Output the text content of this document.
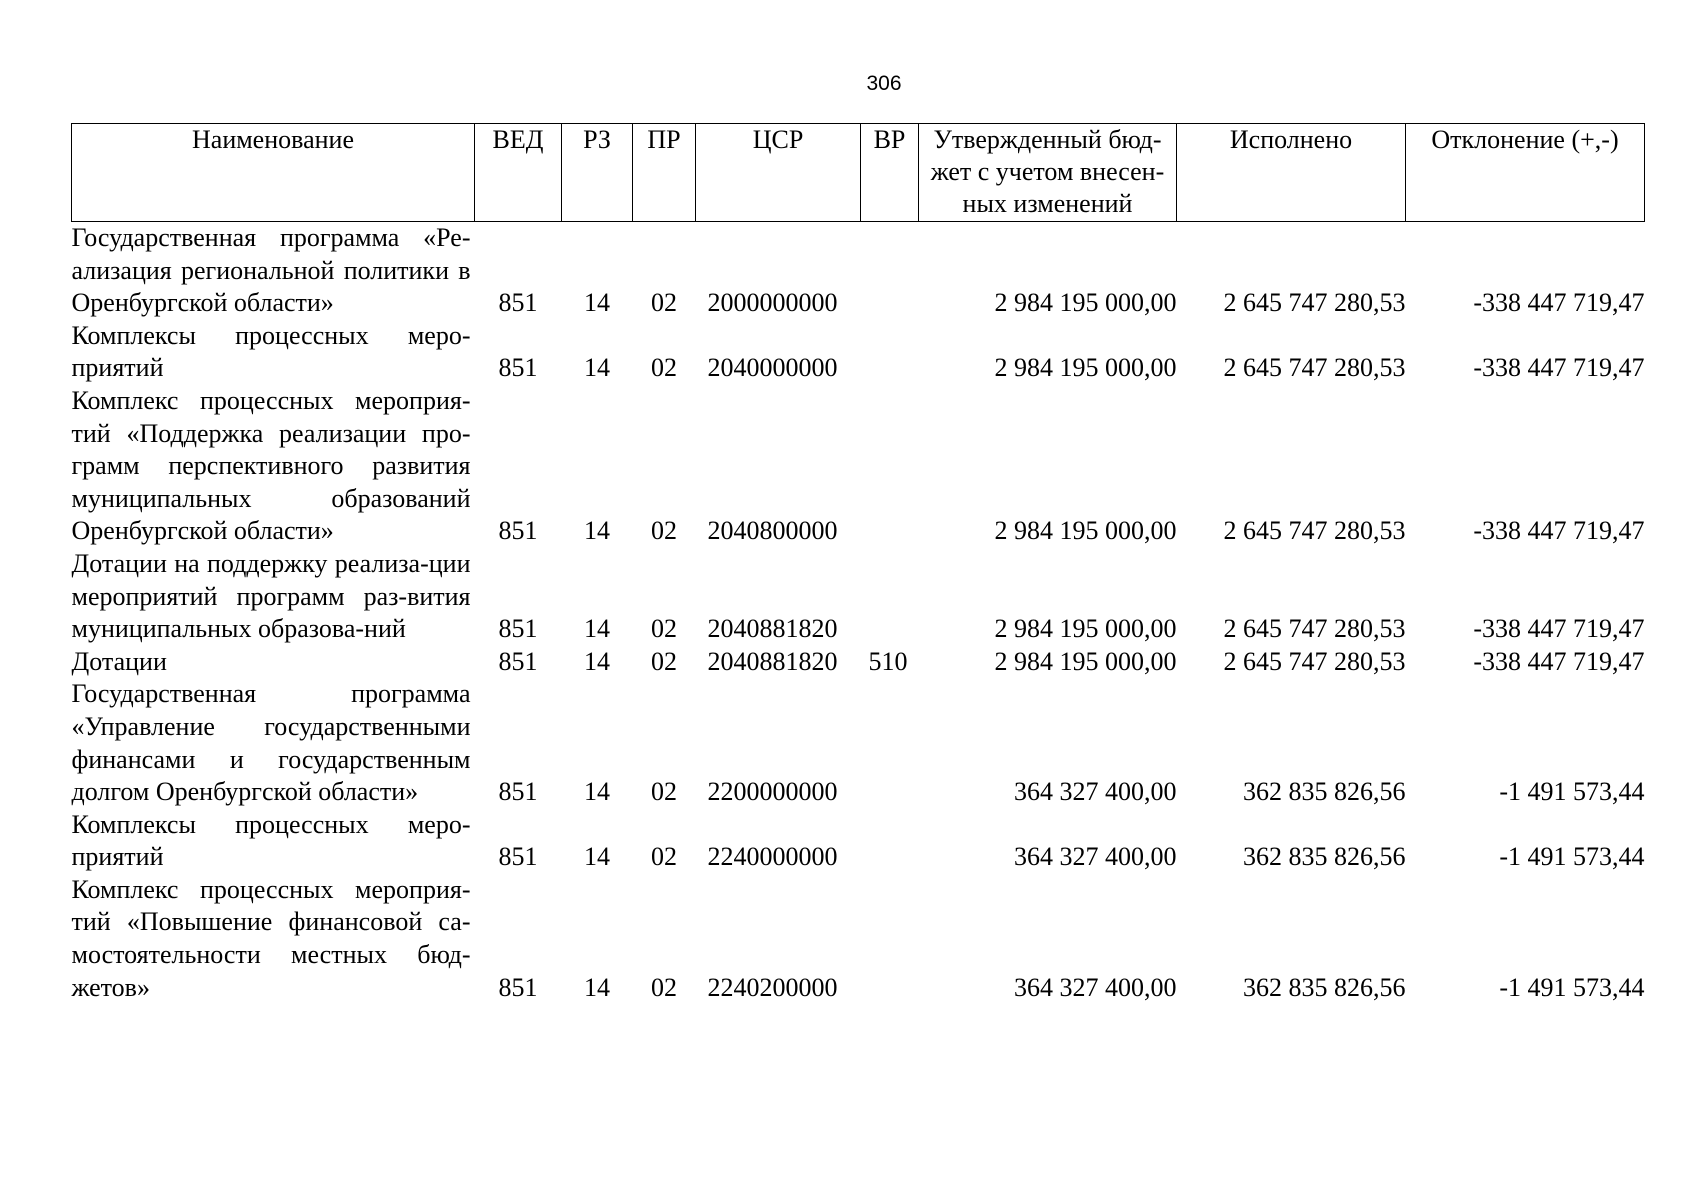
306
Наименование	ВЕД	РЗ	ПР	ЦСР	ВР	Утвержденный бюд-жет с учетом внесен-ных изменений	Исполнено	Отклонение (+,-)
Государственная программа «Ре-ализация региональной политики в Оренбургской области»	851	14	02	2000000000		2 984 195 000,00	2 645 747 280,53	-338 447 719,47
Комплексы процессных меро-приятий	851	14	02	2040000000		2 984 195 000,00	2 645 747 280,53	-338 447 719,47
Комплекс процессных мероприя-тий «Поддержка реализации про-грамм перспективного развития муниципальных образований Оренбургской области»	851	14	02	2040800000		2 984 195 000,00	2 645 747 280,53	-338 447 719,47
Дотации на поддержку реализа-ции мероприятий программ раз-вития муниципальных образова-ний	851	14	02	2040881820		2 984 195 000,00	2 645 747 280,53	-338 447 719,47
Дотации	851	14	02	2040881820	510	2 984 195 000,00	2 645 747 280,53	-338 447 719,47
Государственная программа «Управление государственными финансами и государственным долгом Оренбургской области»	851	14	02	2200000000		364 327 400,00	362 835 826,56	-1 491 573,44
Комплексы процессных меро-приятий	851	14	02	2240000000		364 327 400,00	362 835 826,56	-1 491 573,44
Комплекс процессных мероприя-тий «Повышение финансовой са-мостоятельности местных бюд-жетов»	851	14	02	2240200000		364 327 400,00	362 835 826,56	-1 491 573,44
